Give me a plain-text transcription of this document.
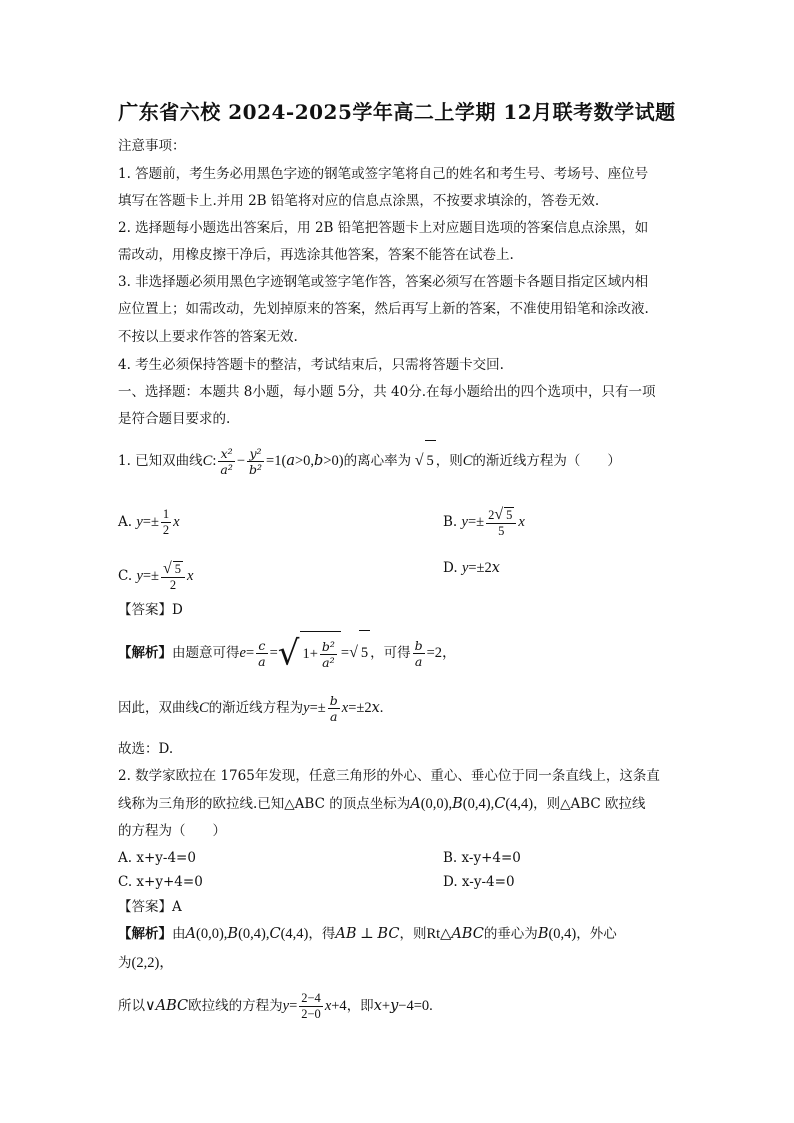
广东省六校 2024-2025学年高二上学期 12月联考数学试题
注意事项：
1. 答题前，考生务必用黑色字迹的钢笔或签字笔将自己的姓名和考生号、考场号、座位号
填写在答题卡上.并用 2B 铅笔将对应的信息点涂黑，不按要求填涂的，答卷无效.
2. 选择题每小题选出答案后，用 2B 铅笔把答题卡上对应题目选项的答案信息点涂黑，如
需改动，用橡皮擦干净后，再选涂其他答案，答案不能答在试卷上.
3. 非选择题必须用黑色字迹钢笔或签字笔作答，答案必须写在答题卡各题目指定区域内相
应位置上；如需改动，先划掉原来的答案，然后再写上新的答案，不准使用铅笔和涂改液.
不按以上要求作答的答案无效.
4. 考生必须保持答题卡的整洁，考试结束后，只需将答题卡交回.
一、选择题：本题共 8小题，每小题 5分，共 40分.在每小题给出的四个选项中，只有一项
是符合题目要求的.
1. 已知双曲线C: $\frac{\text{x²}}{\text{a²}} - \frac{\text{y²}}{\text{b²}} =1(a>0,b>0)$的离心率为 √ 5 ，则C的渐近线方程为（　　）
A. $y=\pm \frac{1}{2}$ x	B. $y=\pm \frac{2√ 5}{5}$ x
C. $y=\pm \frac{√ 5}{2}$ x	D. y=±2x
【答案】D
【解析】由题意可得$e= \frac{c}{a}$ =√ $1+ \frac{\text{b²}}{\text{a²}}$ =√ 5 ，可得 $\frac{b}{a} =2$，
因此，双曲线C的渐近线方程为$y=\pm \frac{b}{a} x=\pm 2x$.
故选：D.
2. 数学家欧拉在 1765年发现，任意三角形的外心、重心、垂心位于同一条直线上，这条直
线称为三角形的欧拉线.已知△ABC 的顶点坐标为A(0,0),B(0,4),C(4,4)，则△ABC 欧拉线
的方程为（　　）
A. x+y-4=0	B. x-y+4=0
C. x+y+4=0	D. x-y-4=0
【答案】A
【解析】由A(0,0),B(0,4),C(4,4)，得AB ⊥ BC，则Rt△ABC的垂心为B(0,4)，外心
为(2,2)，
所以∨ABC欧拉线的方程为$y= \frac{2-4}{2-0} x+4$，即x+y−4=0.
